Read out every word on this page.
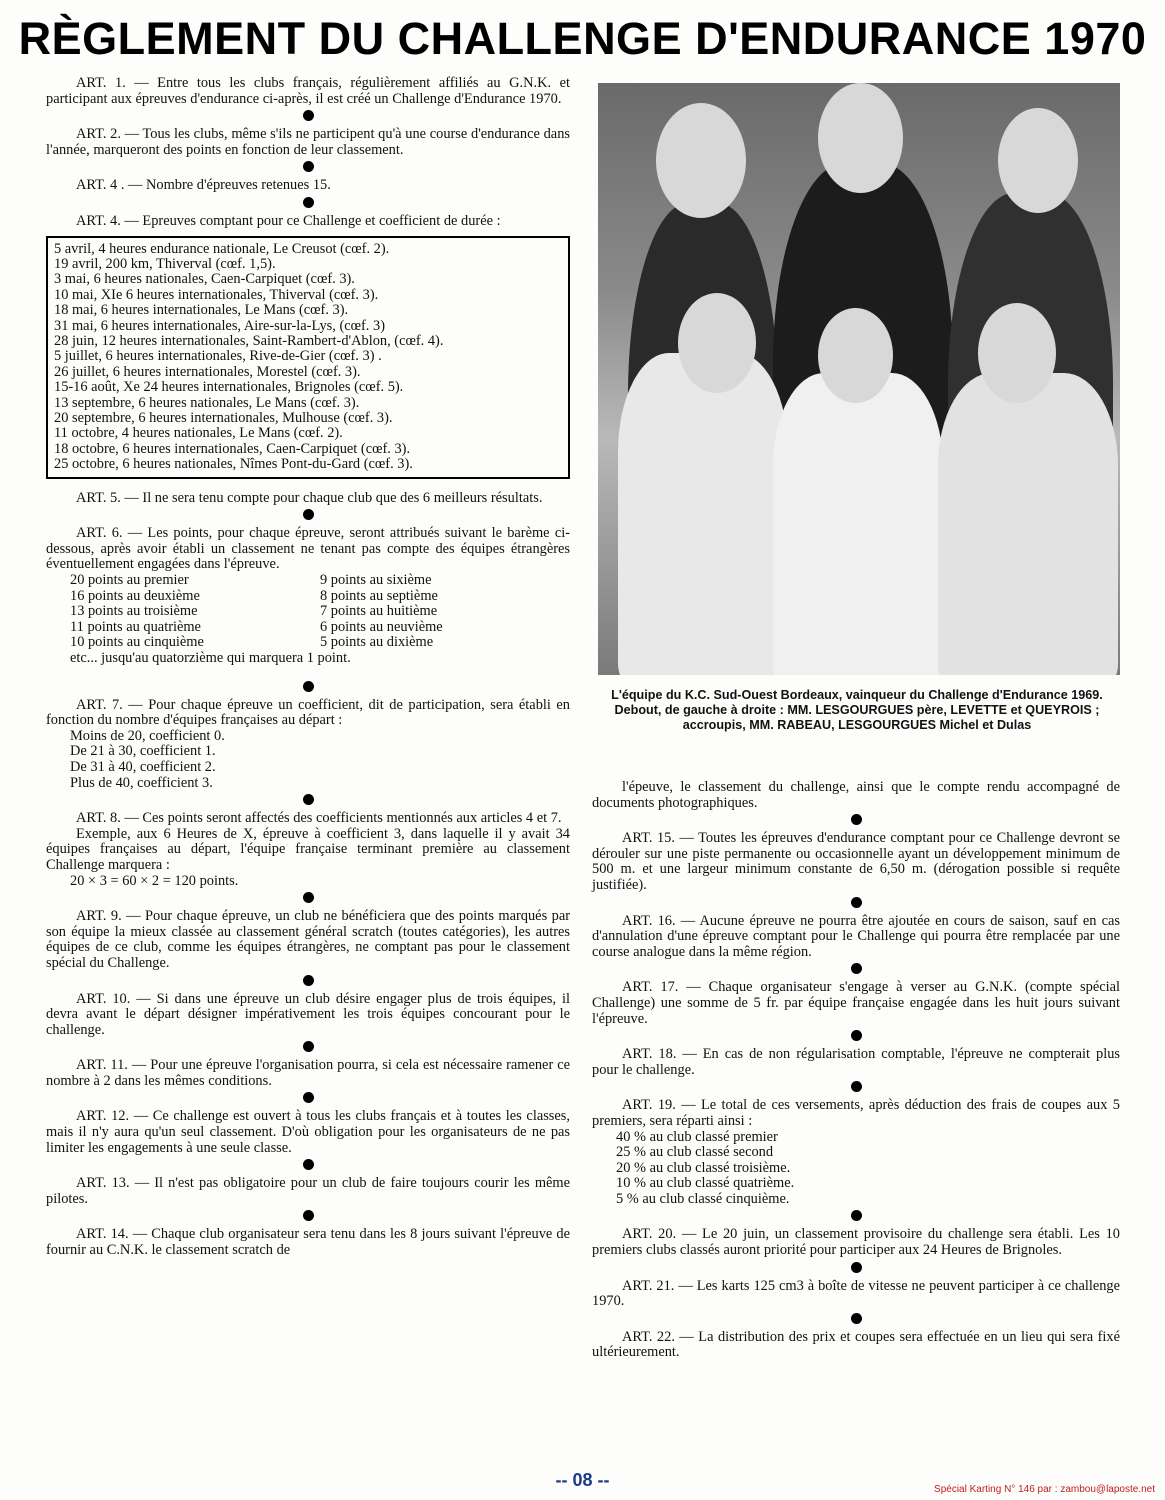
RÈGLEMENT DU CHALLENGE D'ENDURANCE 1970

ART. 1. — Entre tous les clubs français, régulièrement affiliés au G.N.K. et participant aux épreuves d'endurance ci-après, il est créé un Challenge d'Endurance 1970.

ART. 2. — Tous les clubs, même s'ils ne participent qu'à une course d'endurance dans l'année, marqueront des points en fonction de leur classement.

ART. 4 . — Nombre d'épreuves retenues 15.

ART. 4. — Epreuves comptant pour ce Challenge et coefficient de durée :

5 avril, 4 heures endurance nationale, Le Creusot (cœf. 2).
19 avril, 200 km, Thiverval (cœf. 1,5).
3 mai, 6 heures nationales, Caen-Carpiquet (cœf. 3).
10 mai, XIe 6 heures internationales, Thiverval (cœf. 3).
18 mai, 6 heures internationales, Le Mans (cœf. 3).
31 mai, 6 heures internationales, Aire-sur-la-Lys, (cœf. 3)
28 juin, 12 heures internationales, Saint-Rambert-d'Ablon, (cœf. 4).
5 juillet, 6 heures internationales, Rive-de-Gier (cœf. 3) .
26 juillet, 6 heures internationales, Morestel (cœf. 3).
15-16 août, Xe 24 heures internationales, Brignoles (cœf. 5).
13 septembre, 6 heures nationales, Le Mans (cœf. 3).
20 septembre, 6 heures internationales, Mulhouse (cœf. 3).
11 octobre, 4 heures nationales, Le Mans (cœf. 2).
18 octobre, 6 heures internationales, Caen-Carpiquet (cœf. 3).
25 octobre, 6 heures nationales, Nîmes Pont-du-Gard (cœf. 3).

ART. 5. — Il ne sera tenu compte pour chaque club que des 6 meilleurs résultats.

ART. 6. — Les points, pour chaque épreuve, seront attribués suivant le barème ci-dessous, après avoir établi un classement ne tenant pas compte des équipes étrangères éventuellement engagées dans l'épreuve.

20 points au premier
16 points au deuxième
13 points au troisième
11 points au quatrième
10 points au cinquième
9 points au sixième
8 points au septième
7 points au huitième
6 points au neuvième
5 points au dixième
etc... jusqu'au quatorzième qui marquera 1 point.

ART. 7. — Pour chaque épreuve un coefficient, dit de participation, sera établi en fonction du nombre d'équipes françaises au départ :

Moins de 20, coefficient 0.
De 21 à 30, coefficient 1.
De 31 à 40, coefficient 2.
Plus de 40, coefficient 3.

ART. 8. — Ces points seront affectés des coefficients mentionnés aux articles 4 et 7.

Exemple, aux 6 Heures de X, épreuve à coefficient 3, dans laquelle il y avait 34 équipes françaises au départ, l'équipe française terminant première au classement Challenge marquera :

20 × 3 = 60 × 2 = 120 points.

ART. 9. — Pour chaque épreuve, un club ne bénéficiera que des points marqués par son équipe la mieux classée au classement général scratch (toutes catégories), les autres équipes de ce club, comme les équipes étrangères, ne comptant pas pour le classement spécial du Challenge.

ART. 10. — Si dans une épreuve un club désire engager plus de trois équipes, il devra avant le départ désigner impérativement les trois équipes concourant pour le challenge.

ART. 11. — Pour une épreuve l'organisation pourra, si cela est nécessaire ramener ce nombre à 2 dans les mêmes conditions.

ART. 12. — Ce challenge est ouvert à tous les clubs français et à toutes les classes, mais il n'y aura qu'un seul classement. D'où obligation pour les organisateurs de ne pas limiter les engagements à une seule classe.

ART. 13. — Il n'est pas obligatoire pour un club de faire toujours courir les même pilotes.

ART. 14. — Chaque club organisateur sera tenu dans les 8 jours suivant l'épreuve de fournir au C.N.K. le classement scratch de

L'équipe du K.C. Sud-Ouest Bordeaux, vainqueur du Challenge d'Endurance 1969. Debout, de gauche à droite : MM. LESGOURGUES père, LEVETTE et QUEYROIS ; accroupis, MM. RABEAU, LESGOURGUES Michel et Dulas

l'épeuve, le classement du challenge, ainsi que le compte rendu accompagné de documents photographiques.

ART. 15. — Toutes les épreuves d'endurance comptant pour ce Challenge devront se dérouler sur une piste permanente ou occasionnelle ayant un développement minimum de 500 m. et une largeur minimum constante de 6,50 m. (dérogation possible si requête justifiée).

ART. 16. — Aucune épreuve ne pourra être ajoutée en cours de saison, sauf en cas d'annulation d'une épreuve comptant pour le Challenge qui pourra être remplacée par une course analogue dans la même région.

ART. 17. — Chaque organisateur s'engage à verser au G.N.K. (compte spécial Challenge) une somme de 5 fr. par équipe française engagée dans les huit jours suivant l'épreuve.

ART. 18. — En cas de non régularisation comptable, l'épreuve ne compterait plus pour le challenge.

ART. 19. — Le total de ces versements, après déduction des frais de coupes aux 5 premiers, sera réparti ainsi :

40 % au club classé premier
25 % au club classé second
20 % au club classé troisième.
10 % au club classé quatrième.
5 % au club classé cinquième.

ART. 20. — Le 20 juin, un classement provisoire du challenge sera établi. Les 10 premiers clubs classés auront priorité pour participer aux 24 Heures de Brignoles.

ART. 21. — Les karts 125 cm3 à boîte de vitesse ne peuvent participer à ce challenge 1970.

ART. 22. — La distribution des prix et coupes sera effectuée en un lieu qui sera fixé ultérieurement.

-- 08 --	Spécial Karting N° 146 par : zambou@laposte.net
